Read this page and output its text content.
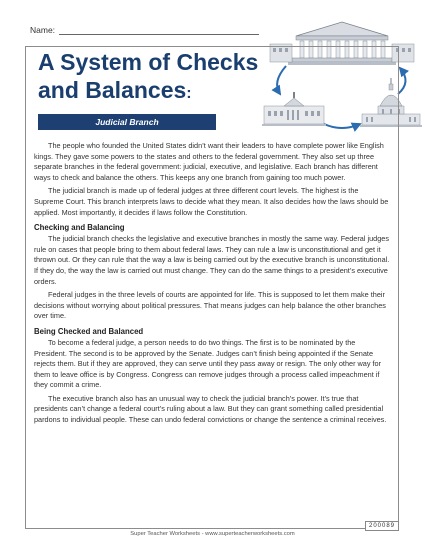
Name:
A System of Checks
and Balances:
Judicial Branch

The people who founded the United States didn’t want their leaders to have complete power like English kings. They gave some powers to the states and others to the federal government. They also set up three separate branches in the federal government: judicial, executive, and legislative. Each branch has different ways to check and balance the others. This keeps any one branch from gaining too much power.

The judicial branch is made up of federal judges at three different court levels. The highest is the Supreme Court. This branch interprets laws to decide what they mean. It also decides how the laws should be applied. Most importantly, it decides if laws follow the Constitution.

Checking and Balancing

The judicial branch checks the legislative and executive branches in mostly the same way. Federal judges rule on cases that people bring to them about federal laws. They can rule a law is unconstitutional and get it thrown out. Or they can rule that the way a law is being carried out by the executive branch is unconstitutional. If they do, the way the law is carried out must change. They can do the same things to a president’s executive orders.

Federal judges in the three levels of courts are appointed for life. This is supposed to let them make their decisions without worrying about political pressures. That means judges can help balance the other branches over time.

Being Checked and Balanced

To become a federal judge, a person needs to do two things. The first is to be nominated by the President. The second is to be approved by the Senate. Judges can’t finish being appointed if the Senate rejects them. But if they are approved, they can serve until they pass away or resign. The only other way for them to leave office is by Congress. Congress can remove judges through a process called impeachment if they commit a crime.

The executive branch also has an unusual way to check the judicial branch’s power. It’s true that presidents can’t change a federal court’s ruling about a law. But they can grant something called presidential pardons to individual people. These can undo federal convictions or change the sentence a criminal receives.

200089
Super Teacher Worksheets - www.superteacherworksheets.com
